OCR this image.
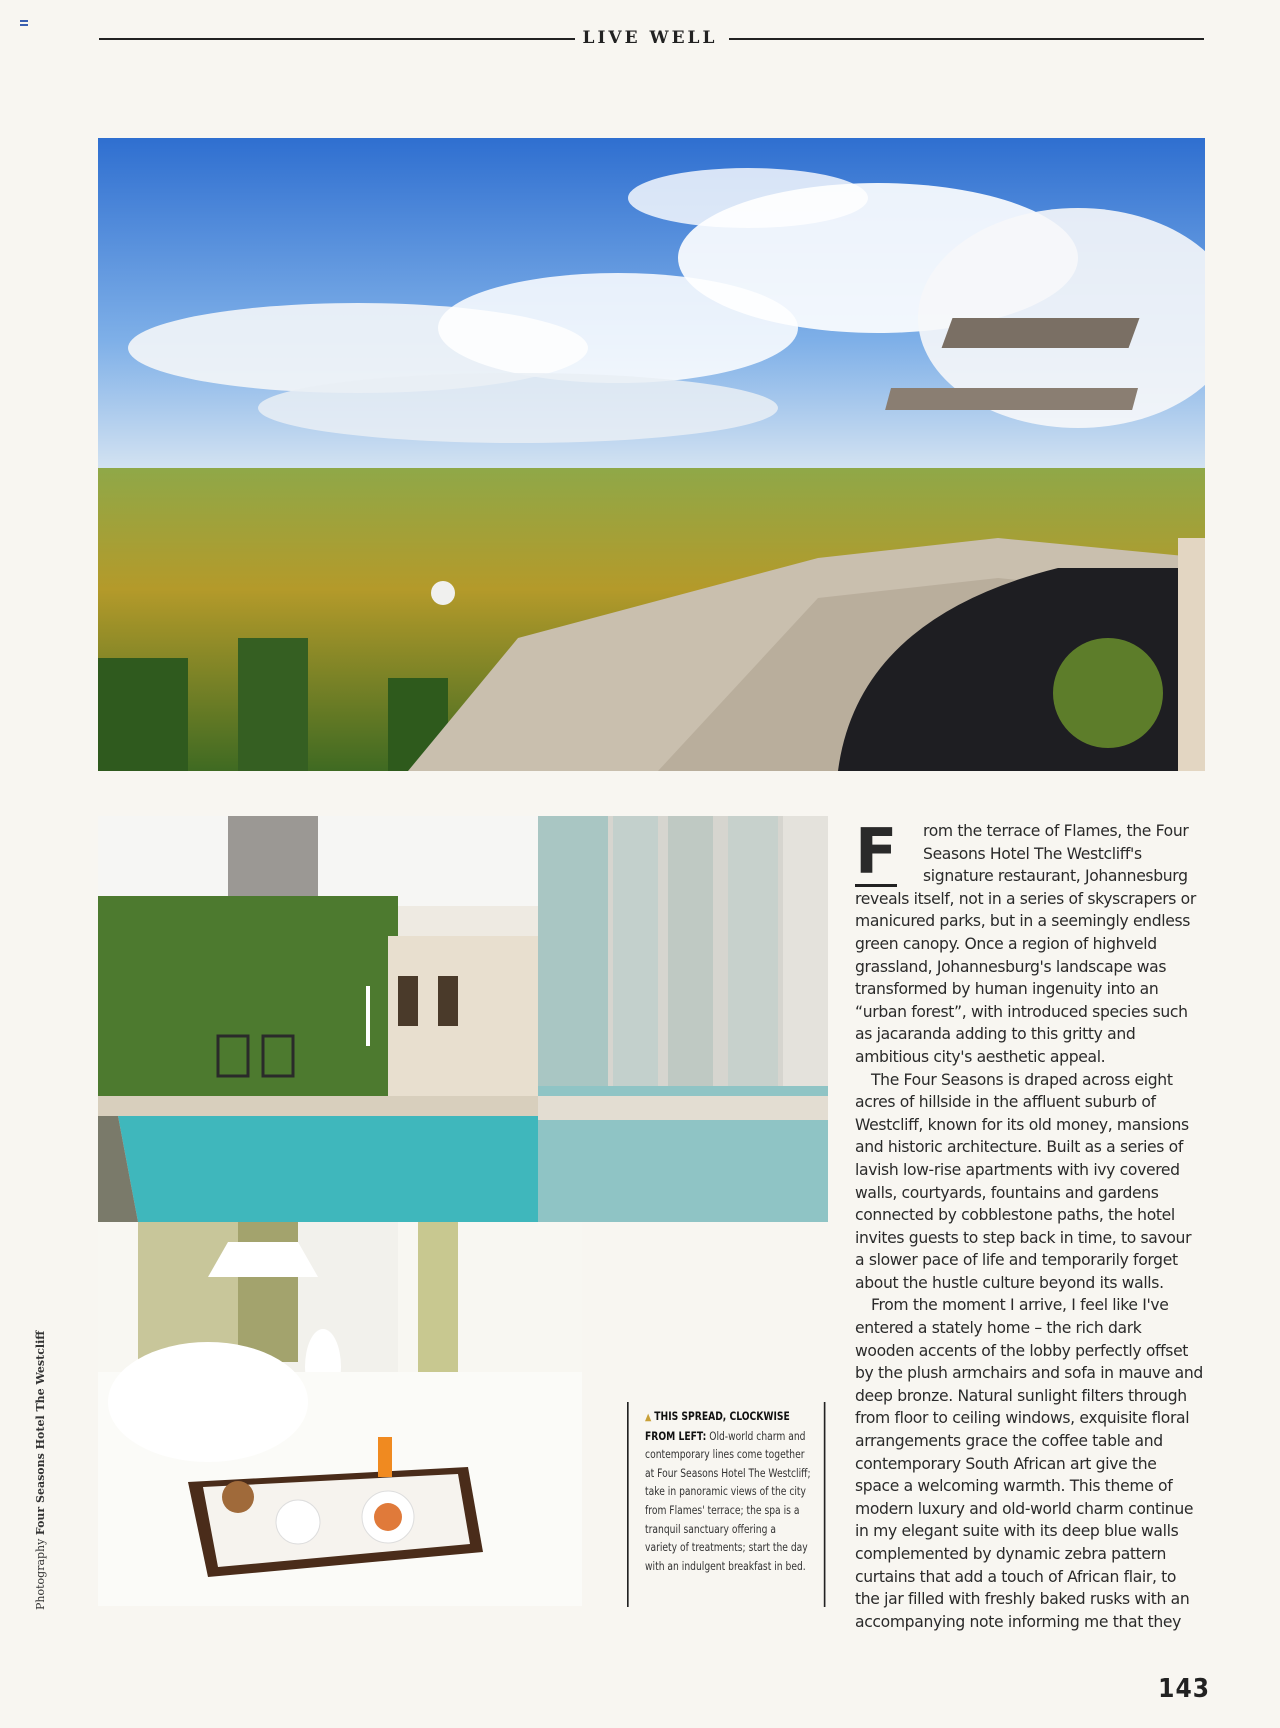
LIVE WELL
Photography Four Seasons Hotel The Westcliff	▲ THIS SPREAD, CLOCKWISE FROM LEFT: Old-world charm and contemporary lines come together at Four Seasons Hotel The Westcliff; take in panoramic views of the city from Flames' terrace; the spa is a tranquil sanctuary offering a variety of treatments; start the day with an indulgent breakfast in bed.

F rom the terrace of Flames, the Four Seasons Hotel The Westcliff's signature restaurant, Johannesburg reveals itself, not in a series of skyscrapers or manicured parks, but in a seemingly endless green canopy. Once a region of highveld grassland, Johannesburg's landscape was transformed by human ingenuity into an “urban forest”, with introduced species such as jacaranda adding to this gritty and ambitious city's aesthetic appeal.

The Four Seasons is draped across eight acres of hillside in the affluent suburb of Westcliff, known for its old money, mansions and historic architecture. Built as a series of lavish low-rise apartments with ivy covered walls, courtyards, fountains and gardens connected by cobblestone paths, the hotel invites guests to step back in time, to savour a slower pace of life and temporarily forget about the hustle culture beyond its walls.

From the moment I arrive, I feel like I've entered a stately home – the rich dark wooden accents of the lobby perfectly offset by the plush armchairs and sofa in mauve and deep bronze. Natural sunlight filters through from floor to ceiling windows, exquisite floral arrangements grace the coffee table and contemporary South African art give the space a welcoming warmth. This theme of modern luxury and old-world charm continue in my elegant suite with its deep blue walls complemented by dynamic zebra pattern curtains that add a touch of African flair, to the jar filled with freshly baked rusks with an accompanying note informing me that they

143
